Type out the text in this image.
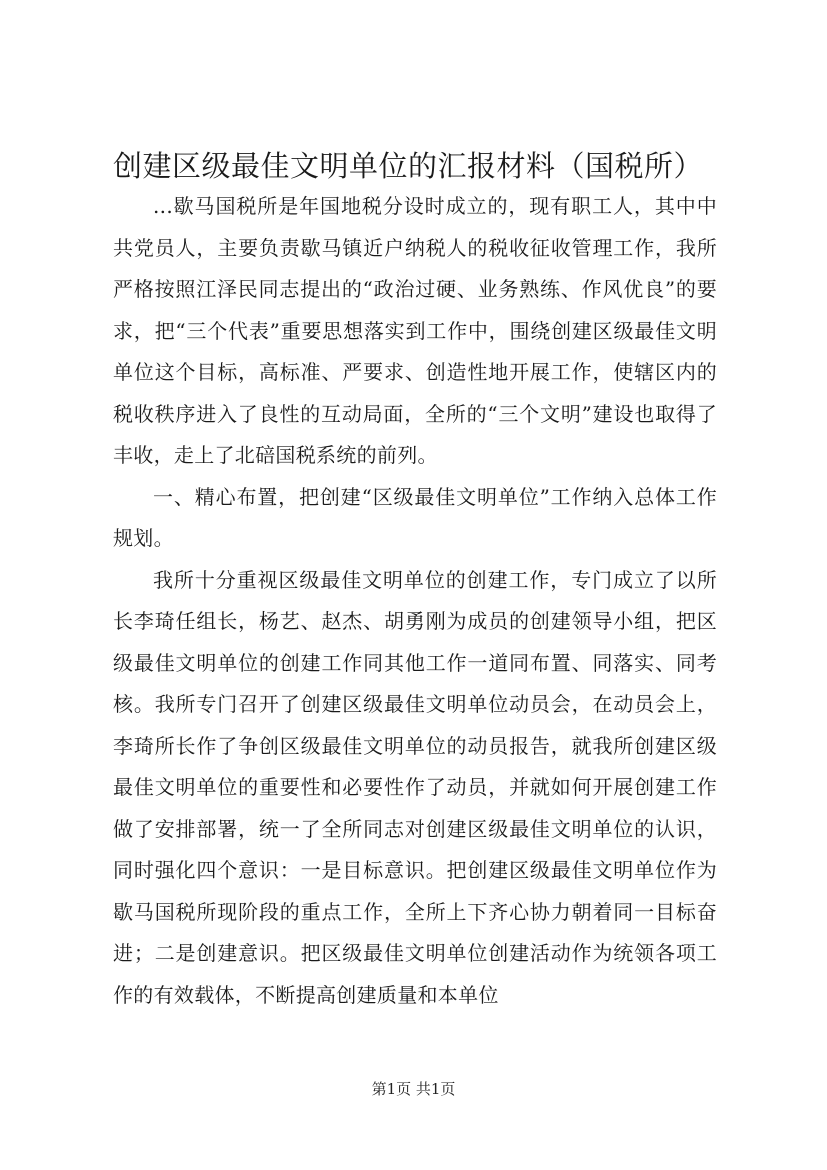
创建区级最佳文明单位的汇报材料（国税所）

...歇马国税所是年国地税分设时成立的，现有职工人，其中中共党员人，主要负责歇马镇近户纳税人的税收征收管理工作，我所严格按照江泽民同志提出的“政治过硬、业务熟练、作风优良”的要求，把“三个代表”重要思想落实到工作中，围绕创建区级最佳文明单位这个目标，高标准、严要求、创造性地开展工作，使辖区内的税收秩序进入了良性的互动局面，全所的“三个文明”建设也取得了丰收，走上了北碚国税系统的前列。

一、精心布置，把创建“区级最佳文明单位”工作纳入总体工作规划。

我所十分重视区级最佳文明单位的创建工作，专门成立了以所长李琦任组长，杨艺、赵杰、胡勇刚为成员的创建领导小组，把区级最佳文明单位的创建工作同其他工作一道同布置、同落实、同考核。我所专门召开了创建区级最佳文明单位动员会，在动员会上，李琦所长作了争创区级最佳文明单位的动员报告，就我所创建区级最佳文明单位的重要性和必要性作了动员，并就如何开展创建工作做了安排部署，统一了全所同志对创建区级最佳文明单位的认识，同时强化四个意识：一是目标意识。把创建区级最佳文明单位作为歇马国税所现阶段的重点工作，全所上下齐心协力朝着同一目标奋进；二是创建意识。把区级最佳文明单位创建活动作为统领各项工作的有效载体，不断提高创建质量和本单位

第1页 共1页
